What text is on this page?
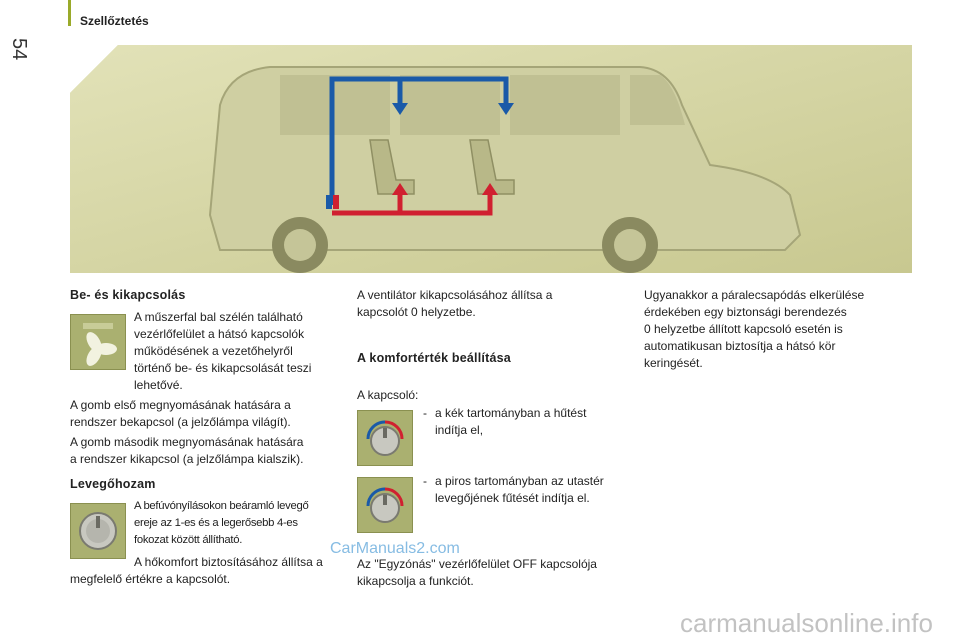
Szellőztetés
54
Be- és kikapcsolás
A műszerfal bal szélén található
vezérlőfelület a hátsó kapcsolók
működésének a vezetőhelyről
történő be- és kikapcsolását teszi
lehetővé.
A gomb első megnyomásának hatására a
rendszer bekapcsol (a jelzőlámpa világít).
A gomb második megnyomásának hatására
a rendszer kikapcsol (a jelzőlámpa kialszik).
Levegőhozam
A befúvónyílásokon beáramló levegő
ereje az 1-es és a legerősebb 4-es
fokozat között állítható.
A hőkomfort biztosításához állítsa a
megfelelő értékre a kapcsolót.
A ventilátor kikapcsolásához állítsa a
kapcsolót 0 helyzetbe.
A komfortérték beállítása
A kapcsoló:
- a kék tartományban a hűtést
indítja el,
- a piros tartományban az utastér
levegőjének fűtését indítja el.
Az "Egyzónás" vezérlőfelület OFF kapcsolója
kikapcsolja a funkciót.
Ugyanakkor a páralecsapódás elkerülése
érdekében egy biztonsági berendezés
0 helyzetbe állított kapcsoló esetén is
automatikusan biztosítja a hátsó kör
keringését.
CarManuals2.com
carmanualsonline.info
